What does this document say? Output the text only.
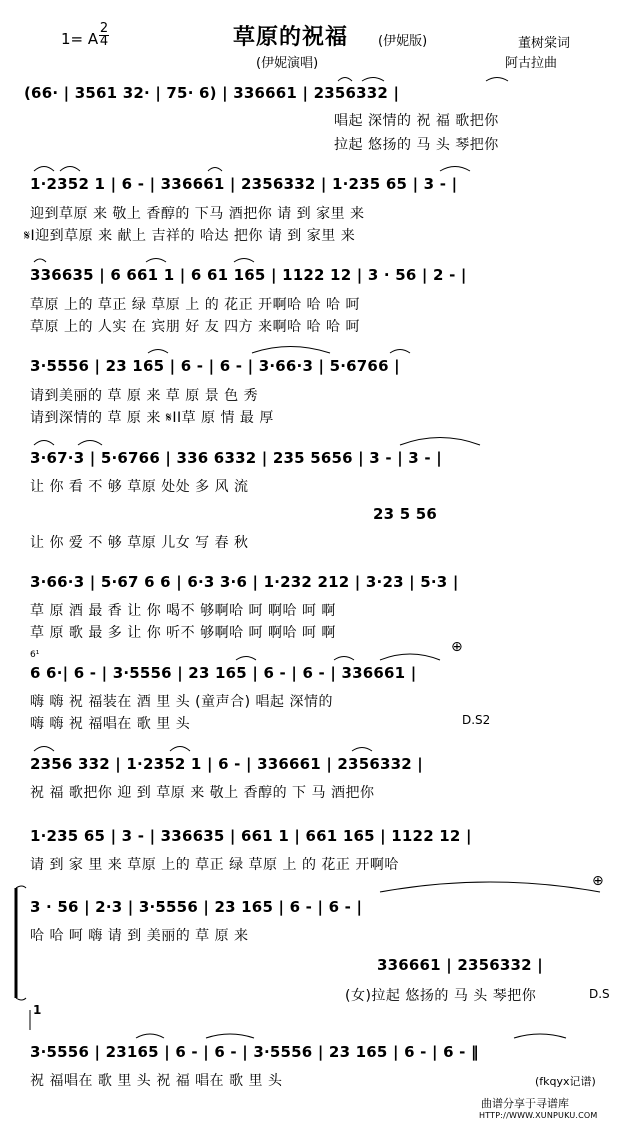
1= A
2
4	草原的祝福 (伊妮版)
(伊妮演唱)
董树棠词
阿古拉曲
(66· | 3561 32· | 75· 6) | 336661 | 2356332 |
唱起 深情的 祝 福 歌把你
拉起 悠扬的 马 头 琴把你
1·2352 1 | 6 - | 336661 | 2356332 | 1·235 65 | 3 - |
迎到草原 来 敬上 香醇的 下马 酒把你 请 到 家里 来
𝄋I迎到草原 来 献上 吉祥的 哈达 把你 请 到 家里 来
336635 | 6 661 1 | 6 61 165 | 1122 12 | 3 · 56 | 2 - |
草原 上的 草正 绿 草原 上 的 花正 开啊哈 哈 哈 呵
草原 上的 人实 在 宾朋 好 友 四方 来啊哈 哈 哈 呵
3·5556 | 23 165 | 6 - | 6 - | 3·66·3 | 5·6766 |
请到美丽的 草 原 来 草 原 景 色 秀
请到深情的 草 原 来 𝄋II草 原 情 最 厚
3·67·3 | 5·6766 | 336 6332 | 235 5656 | 3 - | 3 - |
让 你 看 不 够 草原 处处 多 风 流
23 5 56
让 你 爱 不 够 草原 儿女 写 春 秋
3·66·3 | 5·67 6 6 | 6·3 3·6 | 1·232 212 | 3·23 | 5·3 |
草 原 酒 最 香 让 你 喝不 够啊哈 呵 啊哈 呵 啊
草 原 歌 最 多 让 你 听不 够啊哈 呵 啊哈 呵 啊
6 6·| 6 - | 3·5556 | 23 165 | 6 - | 6 - | 336661 |
6¹	⊕
嗨 嗨 祝 福装在 酒 里 头 (童声合) 唱起 深情的
嗨 嗨 祝 福唱在 歌 里 头	D.S2
2356 332 | 1·2352 1 | 6 - | 336661 | 2356332 |
祝 福 歌把你 迎 到 草原 来 敬上 香醇的 下 马 酒把你
1·235 65 | 3 - | 336635 | 661 1 | 661 165 | 1122 12 |
请 到 家 里 来 草原 上的 草正 绿 草原 上 的 花正 开啊哈
⊕
3 · 56 | 2·3 | 3·5556 | 23 165 | 6 - | 6 - |
哈 哈 呵 嗨 请 到 美丽的 草 原 来
336661 | 2356332 |
(女)拉起 悠扬的 马 头 琴把你	D.S
1
3·5556 | 23165 | 6 - | 6 - | 3·5556 | 23 165 | 6 - | 6 - ‖
祝 福唱在 歌 里 头 祝 福 唱在 歌 里 头	(fkqyx记谱)
曲谱分享于寻谱库
HTTP://WWW.XUNPUKU.COM
